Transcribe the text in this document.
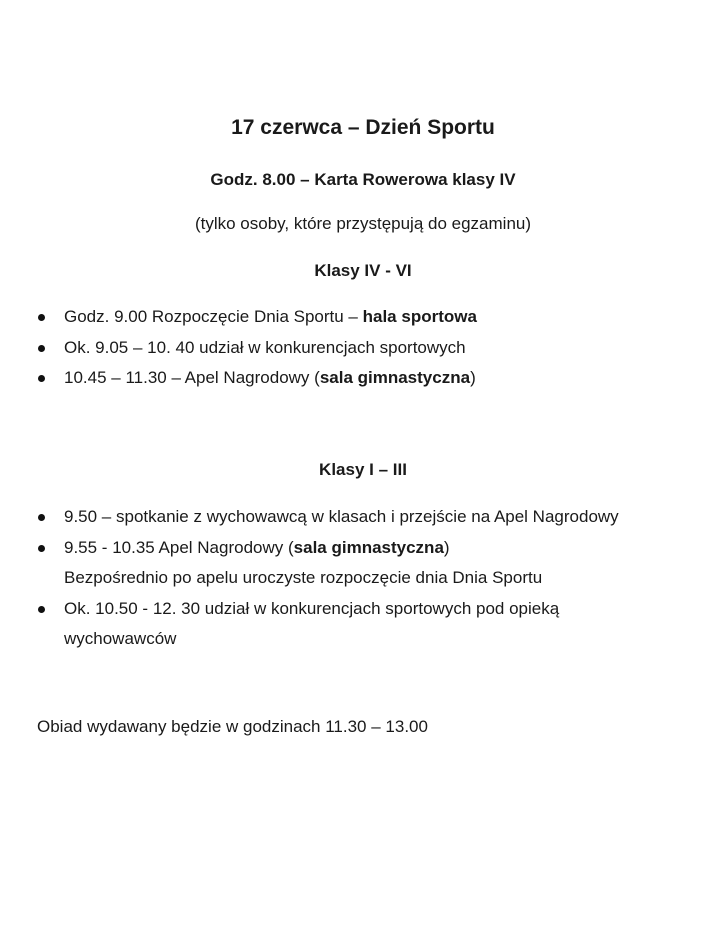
17 czerwca – Dzień Sportu
Godz. 8.00 – Karta Rowerowa klasy IV
(tylko osoby, które przystępują do egzaminu)
Klasy IV - VI
Godz. 9.00 Rozpoczęcie Dnia Sportu – hala sportowa
Ok. 9.05 – 10. 40 udział w konkurencjach sportowych
10.45 – 11.30 – Apel Nagrodowy (sala gimnastyczna)
Klasy I – III
9.50 – spotkanie z wychowawcą w klasach i przejście na Apel Nagrodowy
9.55 - 10.35 Apel Nagrodowy (sala gimnastyczna)
Bezpośrednio po apelu uroczyste rozpoczęcie dnia Dnia Sportu
Ok. 10.50 - 12. 30 udział w konkurencjach sportowych pod opieką
wychowawców
Obiad wydawany będzie w godzinach 11.30 – 13.00
